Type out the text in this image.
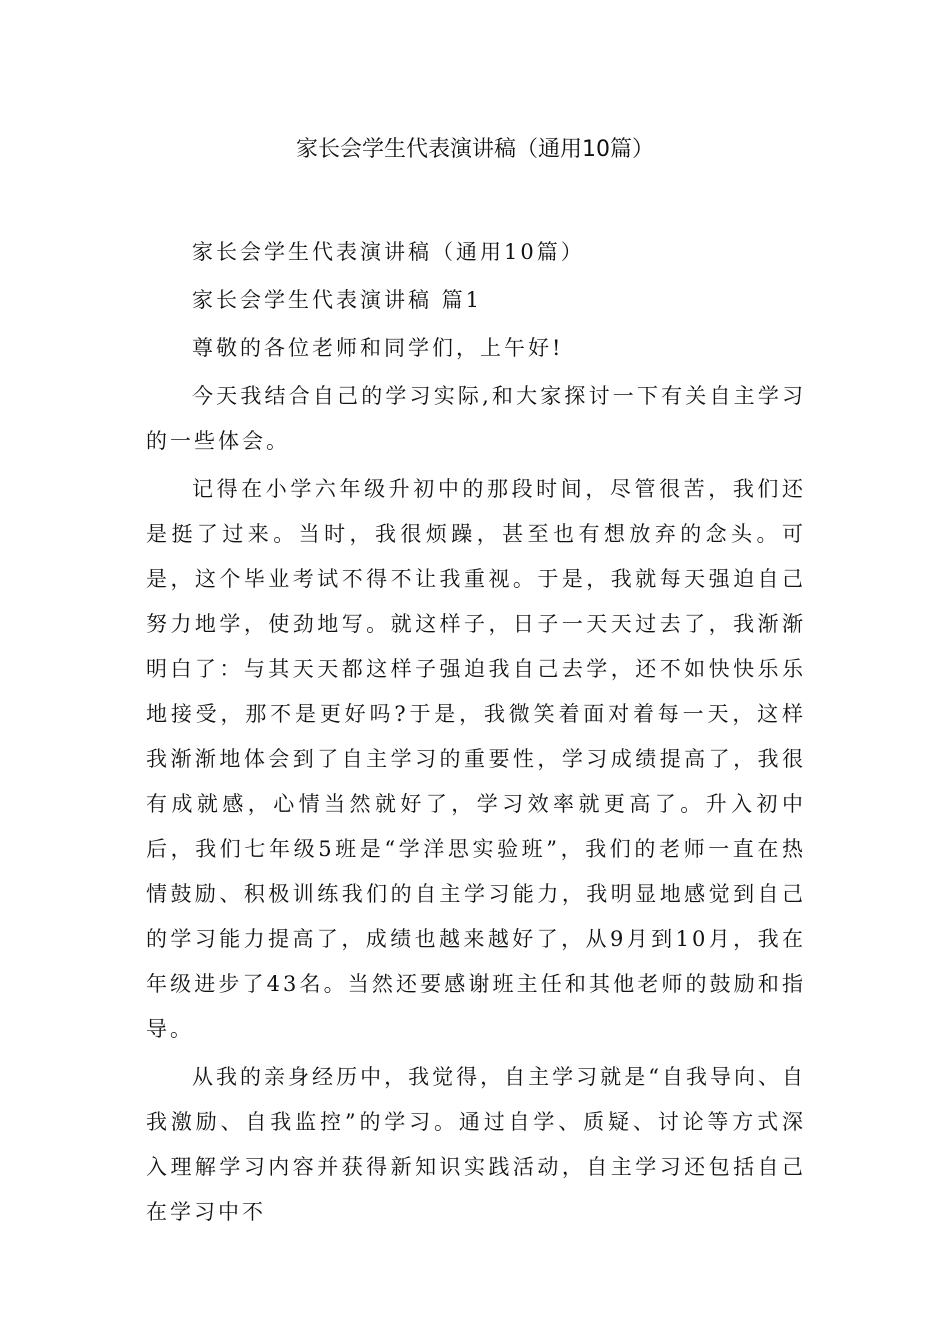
家长会学生代表演讲稿（通用10篇）

家长会学生代表演讲稿（通用10篇）

家长会学生代表演讲稿 篇1

尊敬的各位老师和同学们，上午好!

今天我结合自己的学习实际,和大家探讨一下有关自主学习的一些体会。

记得在小学六年级升初中的那段时间，尽管很苦，我们还是挺了过来。当时，我很烦躁，甚至也有想放弃的念头。可是，这个毕业考试不得不让我重视。于是，我就每天强迫自己努力地学，使劲地写。就这样子，日子一天天过去了，我渐渐明白了：与其天天都这样子强迫我自己去学，还不如快快乐乐地接受，那不是更好吗?于是，我微笑着面对着每一天，这样我渐渐地体会到了自主学习的重要性，学习成绩提高了，我很有成就感，心情当然就好了，学习效率就更高了。升入初中后，我们七年级5班是“学洋思实验班”，我们的老师一直在热情鼓励、积极训练我们的自主学习能力，我明显地感觉到自己的学习能力提高了，成绩也越来越好了，从9月到10月，我在年级进步了43名。当然还要感谢班主任和其他老师的鼓励和指导。

从我的亲身经历中，我觉得，自主学习就是“自我导向、自我激励、自我监控”的学习。通过自学、质疑、讨论等方式深入理解学习内容并获得新知识实践活动，自主学习还包括自己在学习中不
